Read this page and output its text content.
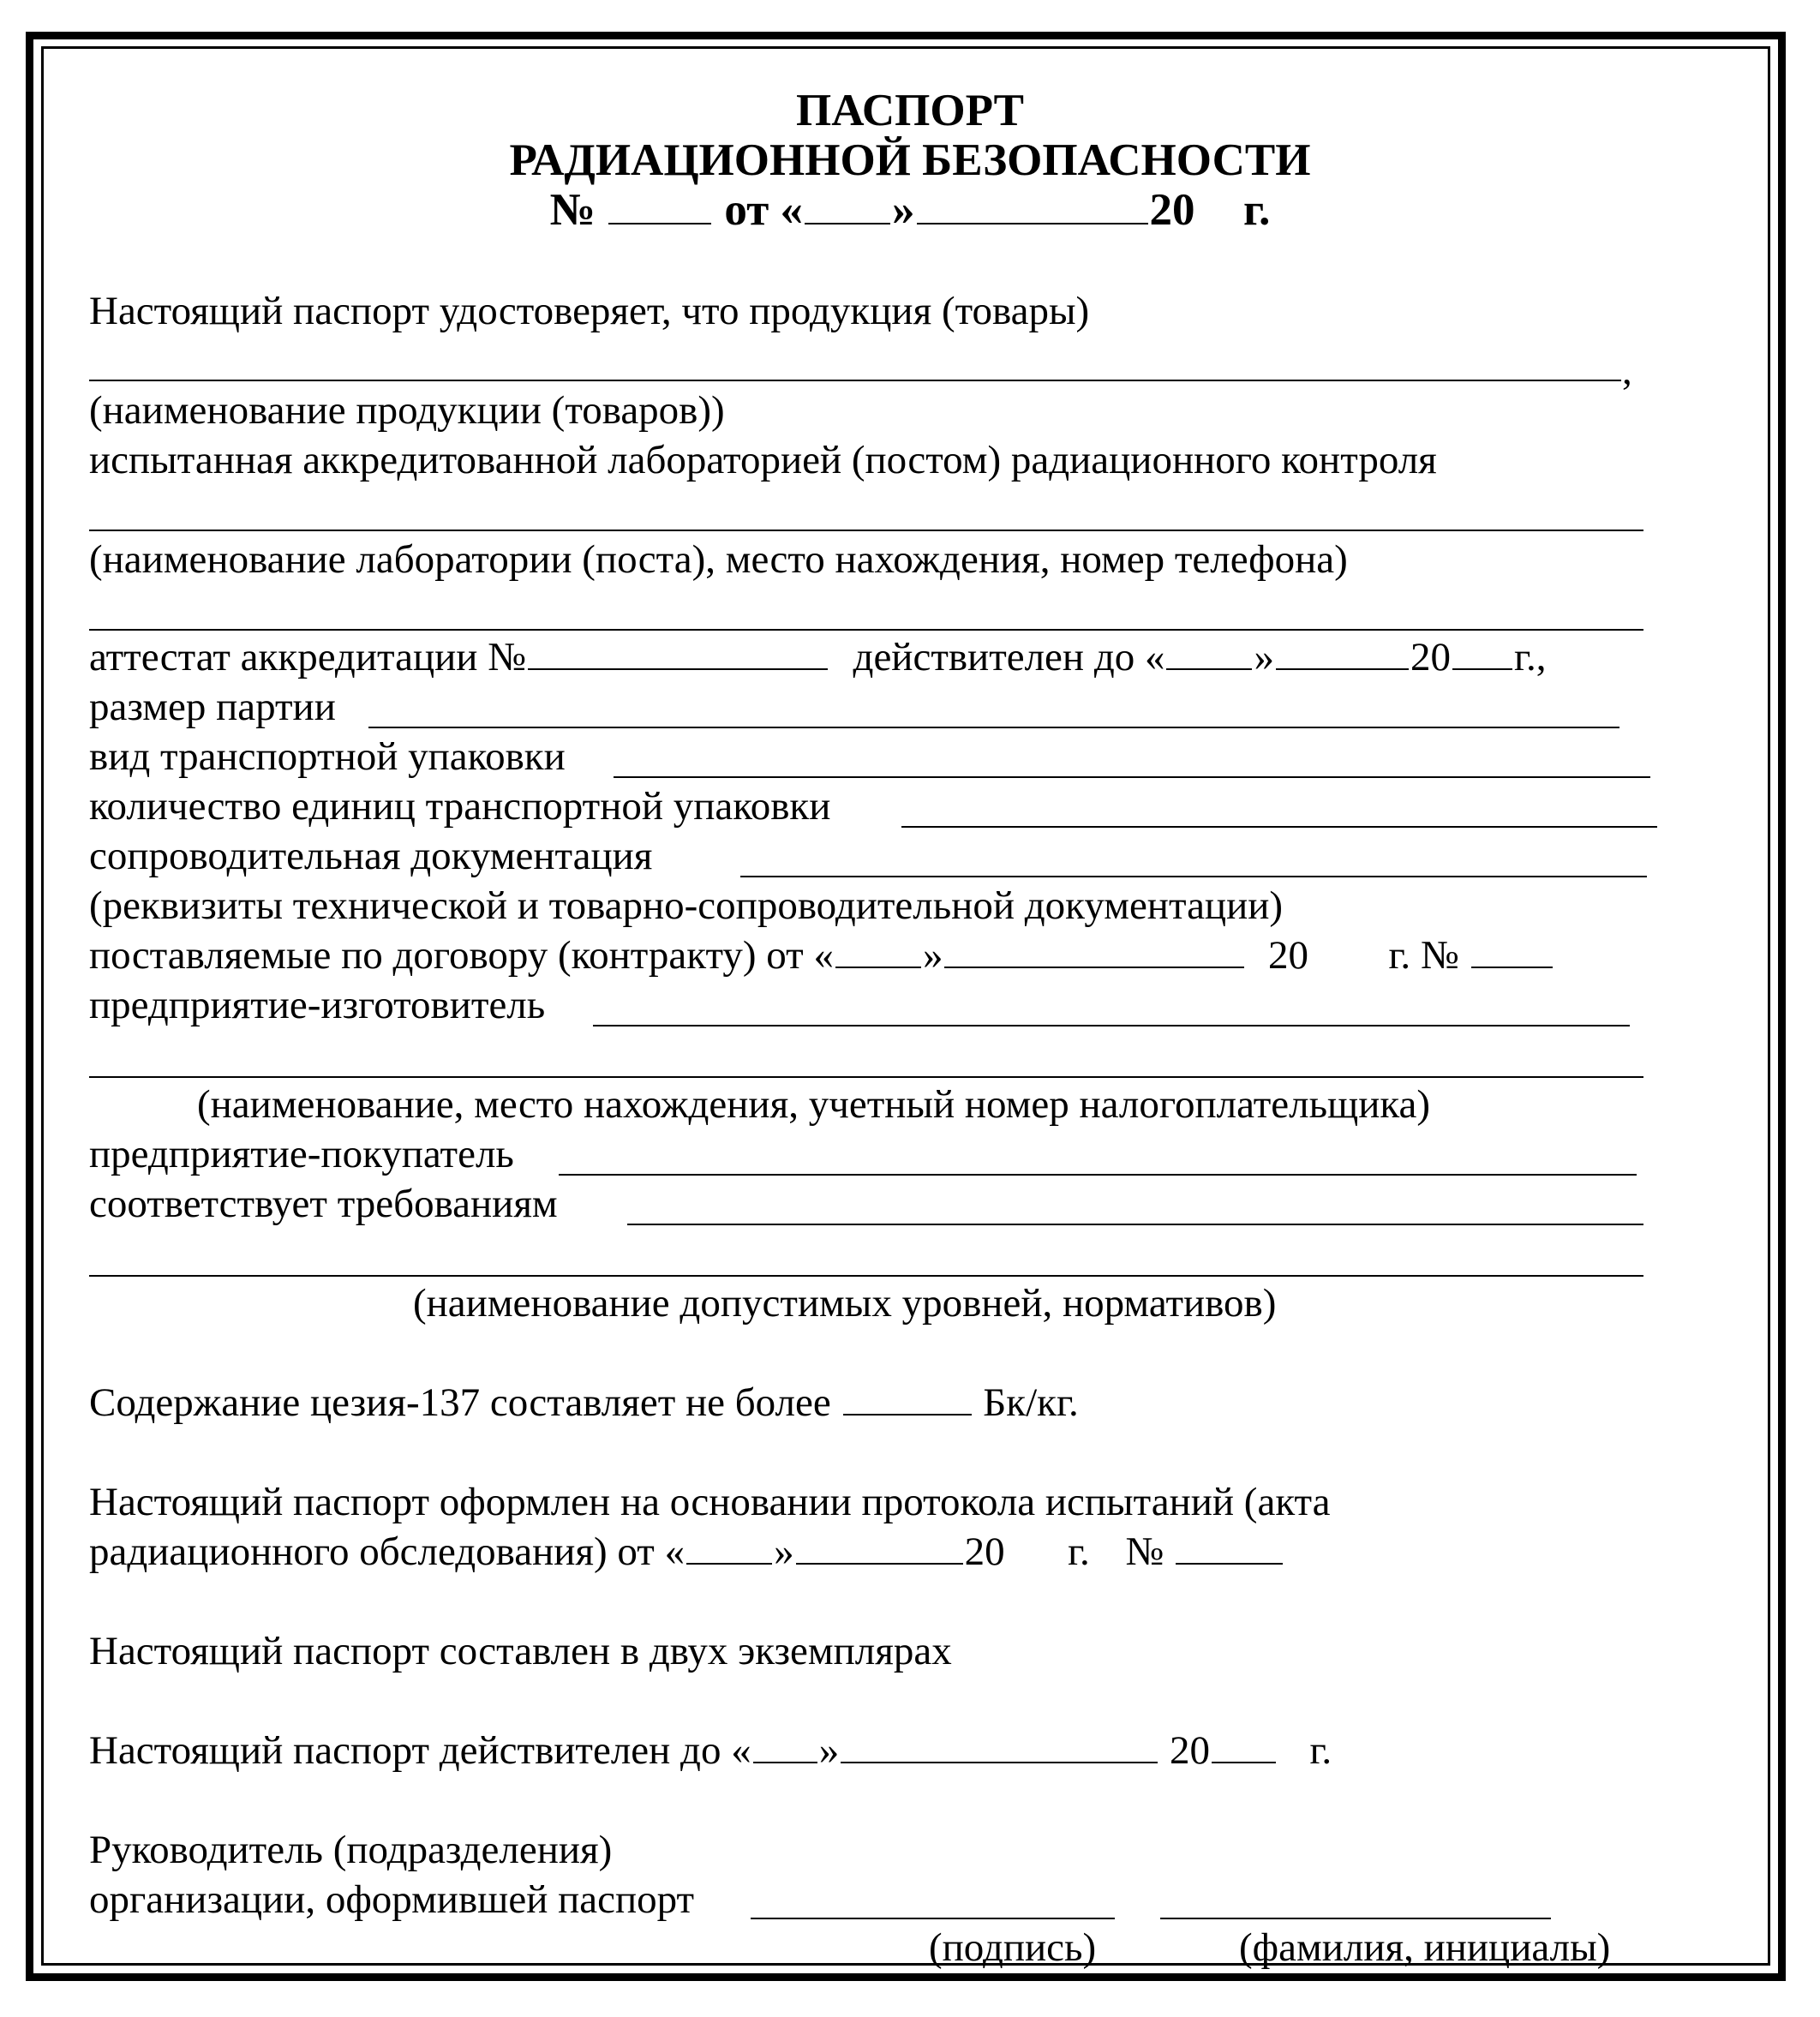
ПАСПОРТ
РАДИАЦИОННОЙ БЕЗОПАСНОСТИ
№	от « »	20 г.
Настоящий паспорт удостоверяет, что продукция (товары)
,
(наименование продукции (товаров))
испытанная аккредитованной лабораторией (постом) радиационного контроля
(наименование лаборатории (поста), место нахождения, номер телефона)
аттестат аккредитации №	действителен до « »	20 г.,
размер партии
вид транспортной упаковки
количество единиц транспортной упаковки
сопроводительная документация
(реквизиты технической и товарно-сопроводительной документации)
поставляемые по договору (контракту) от « »	20 г. №
предприятие-изготовитель
(наименование, место нахождения, учетный номер налогоплательщика)
предприятие-покупатель
соответствует требованиям
(наименование допустимых уровней, нормативов)
Содержание цезия-137 составляет не более	Бк/кг.
Настоящий паспорт оформлен на основании протокола испытаний (акта
радиационного обследования) от « »	20 г. №
Настоящий паспорт составлен в двух экземплярах
Настоящий паспорт действителен до « »	20 г.
Руководитель (подразделения)
организации, оформившей паспорт
(подпись)	(фамилия, инициалы)
